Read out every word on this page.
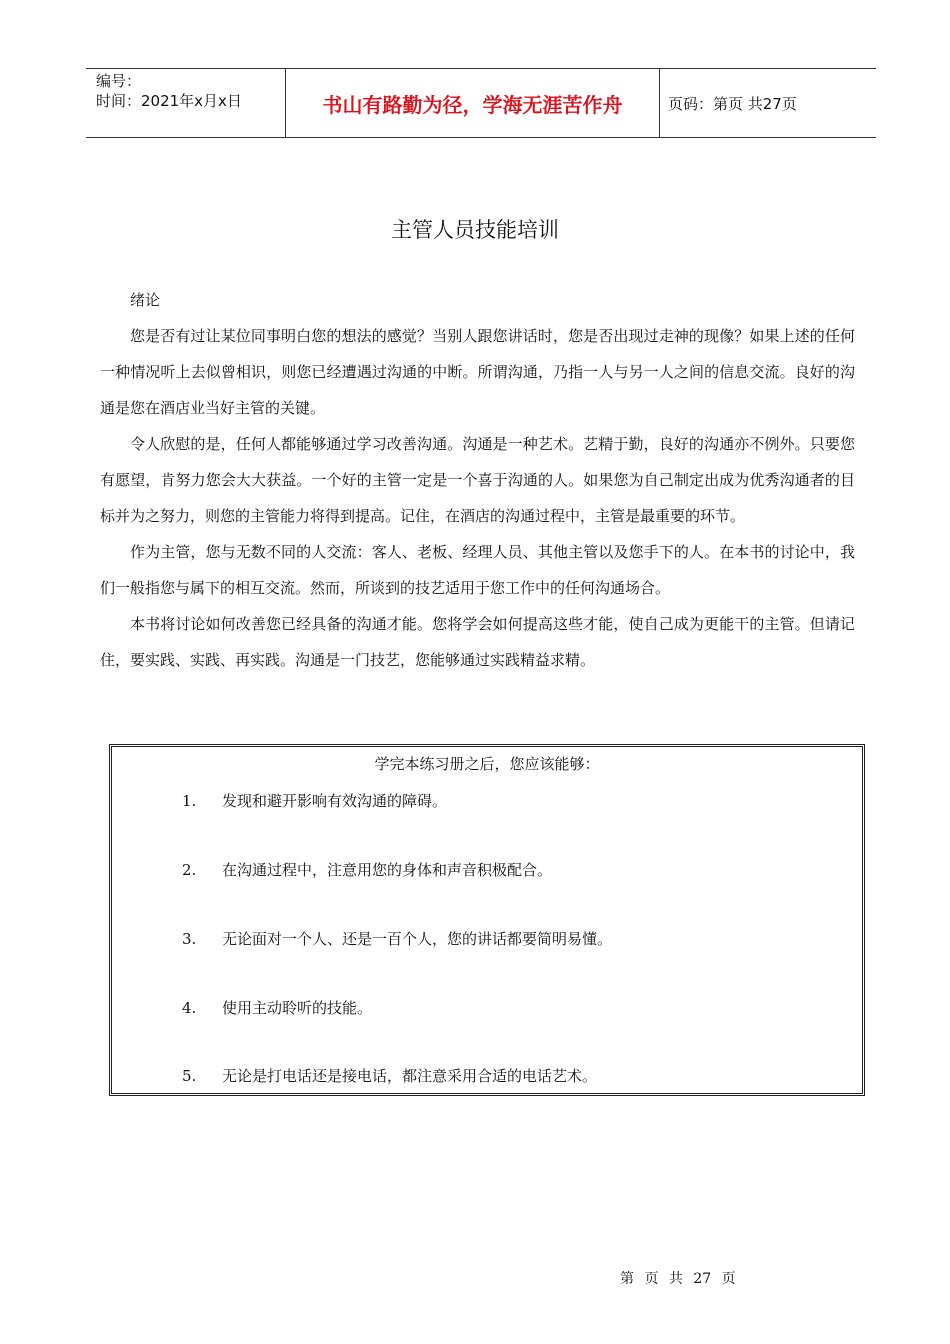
编号：
时间：2021年x月x日	书山有路勤为径，学海无涯苦作舟	页码：第页 共27页
主管人员技能培训

绪论

您是否有过让某位同事明白您的想法的感觉？当别人跟您讲话时，您是否出现过走神的现像？如果上述的任何一种情况听上去似曾相识，则您已经遭遇过沟通的中断。所谓沟通，乃指一人与另一人之间的信息交流。良好的沟通是您在酒店业当好主管的关键。

令人欣慰的是，任何人都能够通过学习改善沟通。沟通是一种艺术。艺精于勤，良好的沟通亦不例外。只要您有愿望，肯努力您会大大获益。一个好的主管一定是一个喜于沟通的人。如果您为自己制定出成为优秀沟通者的目标并为之努力，则您的主管能力将得到提高。记住，在酒店的沟通过程中，主管是最重要的环节。

作为主管，您与无数不同的人交流：客人、老板、经理人员、其他主管以及您手下的人。在本书的讨论中，我们一般指您与属下的相互交流。然而，所谈到的技艺适用于您工作中的任何沟通场合。

本书将讨论如何改善您已经具备的沟通才能。您将学会如何提高这些才能，使自己成为更能干的主管。但请记住，要实践、实践、再实践。沟通是一门技艺，您能够通过实践精益求精。

学完本练习册之后，您应该能够：
1. 发现和避开影响有效沟通的障碍。
2. 在沟通过程中，注意用您的身体和声音积极配合。
3. 无论面对一个人、还是一百个人，您的讲话都要简明易懂。
4. 使用主动聆听的技能。
5. 无论是打电话还是接电话，都注意采用合适的电话艺术。
第 页 共 27 页
